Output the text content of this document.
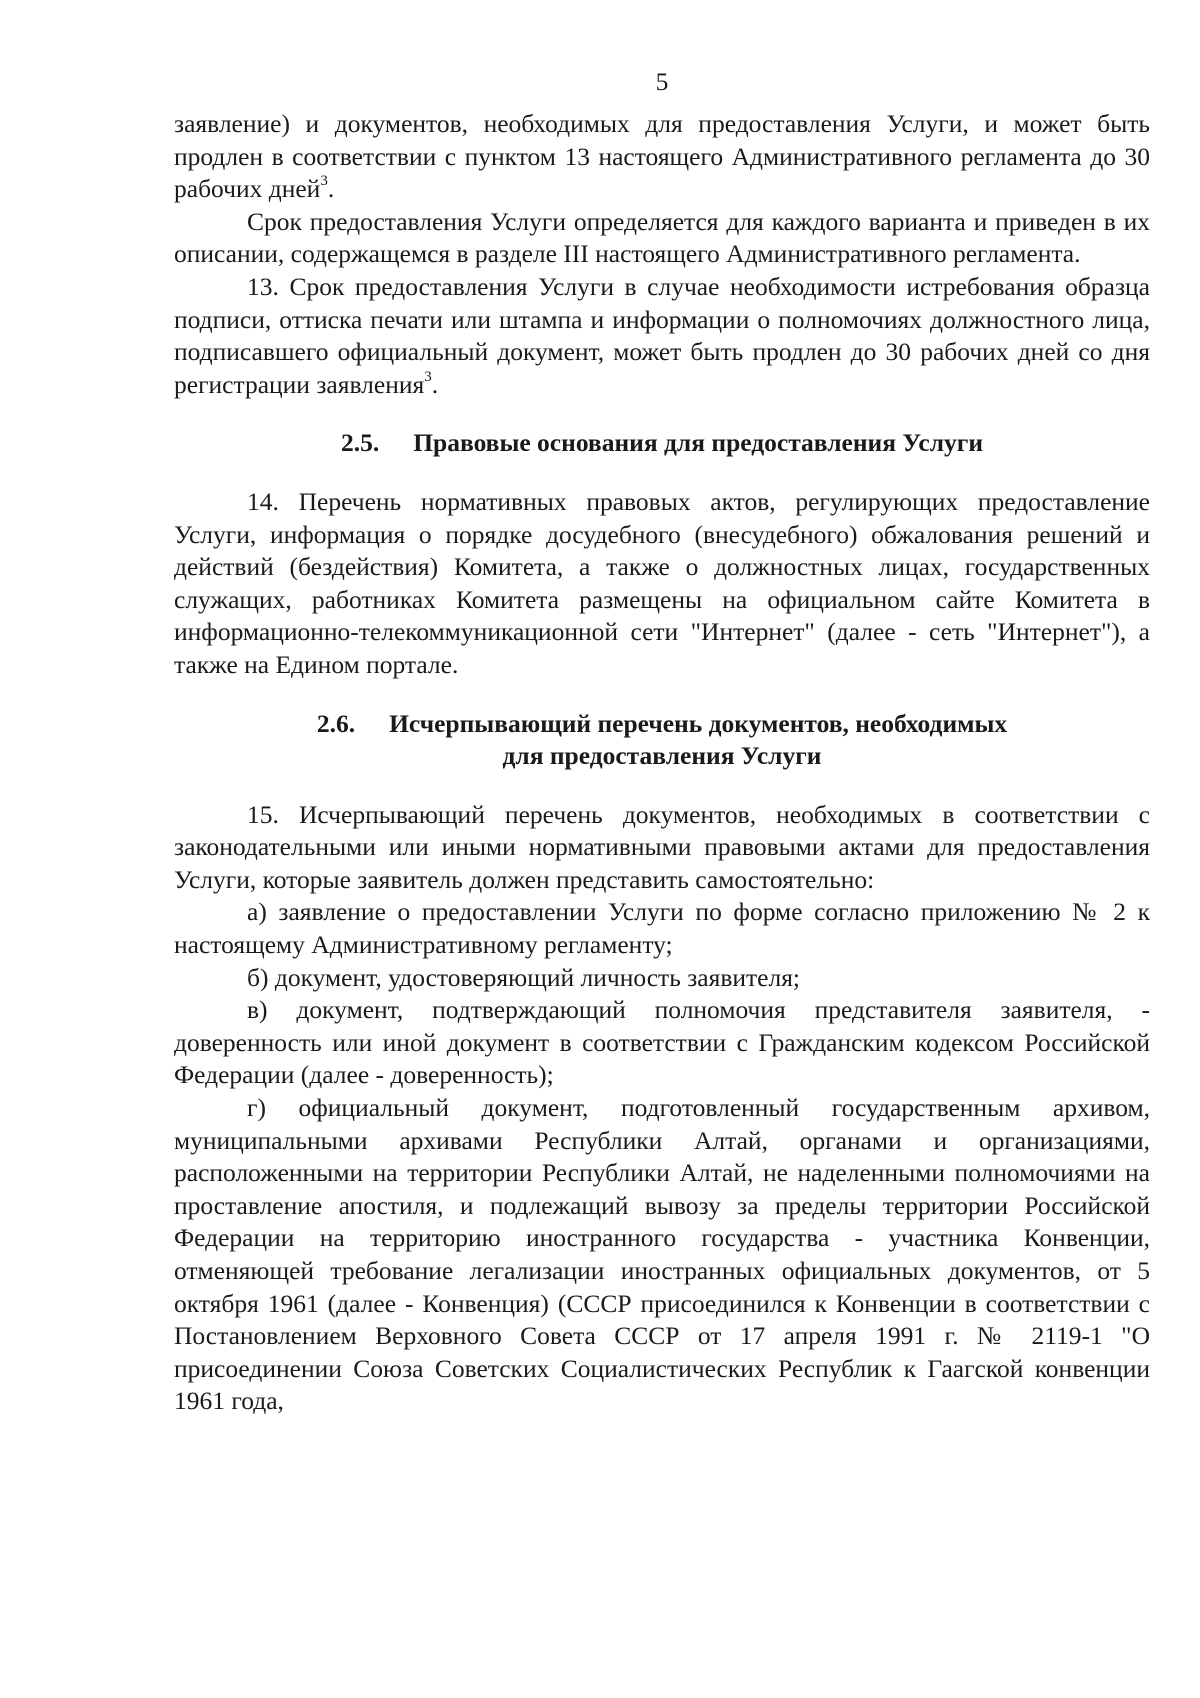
5

заявление) и документов, необходимых для предоставления Услуги, и может быть продлен в соответствии с пунктом 13 настоящего Административного регламента до 30 рабочих дней$^3$.

Срок предоставления Услуги определяется для каждого варианта и приведен в их описании, содержащемся в разделе III настоящего Административного регламента.

13. Срок предоставления Услуги в случае необходимости истребования образца подписи, оттиска печати или штампа и информации о полномочиях должностного лица, подписавшего официальный документ, может быть продлен до 30 рабочих дней со дня регистрации заявления$^3$.

2.5. Правовые основания для предоставления Услуги

14. Перечень нормативных правовых актов, регулирующих предоставление Услуги, информация о порядке досудебного (внесудебного) обжалования решений и действий (бездействия) Комитета, а также о должностных лицах, государственных служащих, работниках Комитета размещены на официальном сайте Комитета в информационно-телекоммуникационной сети "Интернет" (далее - сеть "Интернет"), а также на Едином портале.

2.6. Исчерпывающий перечень документов, необходимых
для предоставления Услуги

15. Исчерпывающий перечень документов, необходимых в соответствии с законодательными или иными нормативными правовыми актами для предоставления Услуги, которые заявитель должен представить самостоятельно:

а) заявление о предоставлении Услуги по форме согласно приложению № 2 к настоящему Административному регламенту;

б) документ, удостоверяющий личность заявителя;

в) документ, подтверждающий полномочия представителя заявителя, - доверенность или иной документ в соответствии с Гражданским кодексом Российской Федерации (далее - доверенность);

г) официальный документ, подготовленный государственным архивом, муниципальными архивами Республики Алтай, органами и организациями, расположенными на территории Республики Алтай, не наделенными полномочиями на проставление апостиля, и подлежащий вывозу за пределы территории Российской Федерации на территорию иностранного государства - участника Конвенции, отменяющей требование легализации иностранных официальных документов, от 5 октября 1961 (далее - Конвенция) (СССР присоединился к Конвенции в соответствии с Постановлением Верховного Совета СССР от 17 апреля 1991 г. № 2119-1 "О присоединении Союза Советских Социалистических Республик к Гаагской конвенции 1961 года,
